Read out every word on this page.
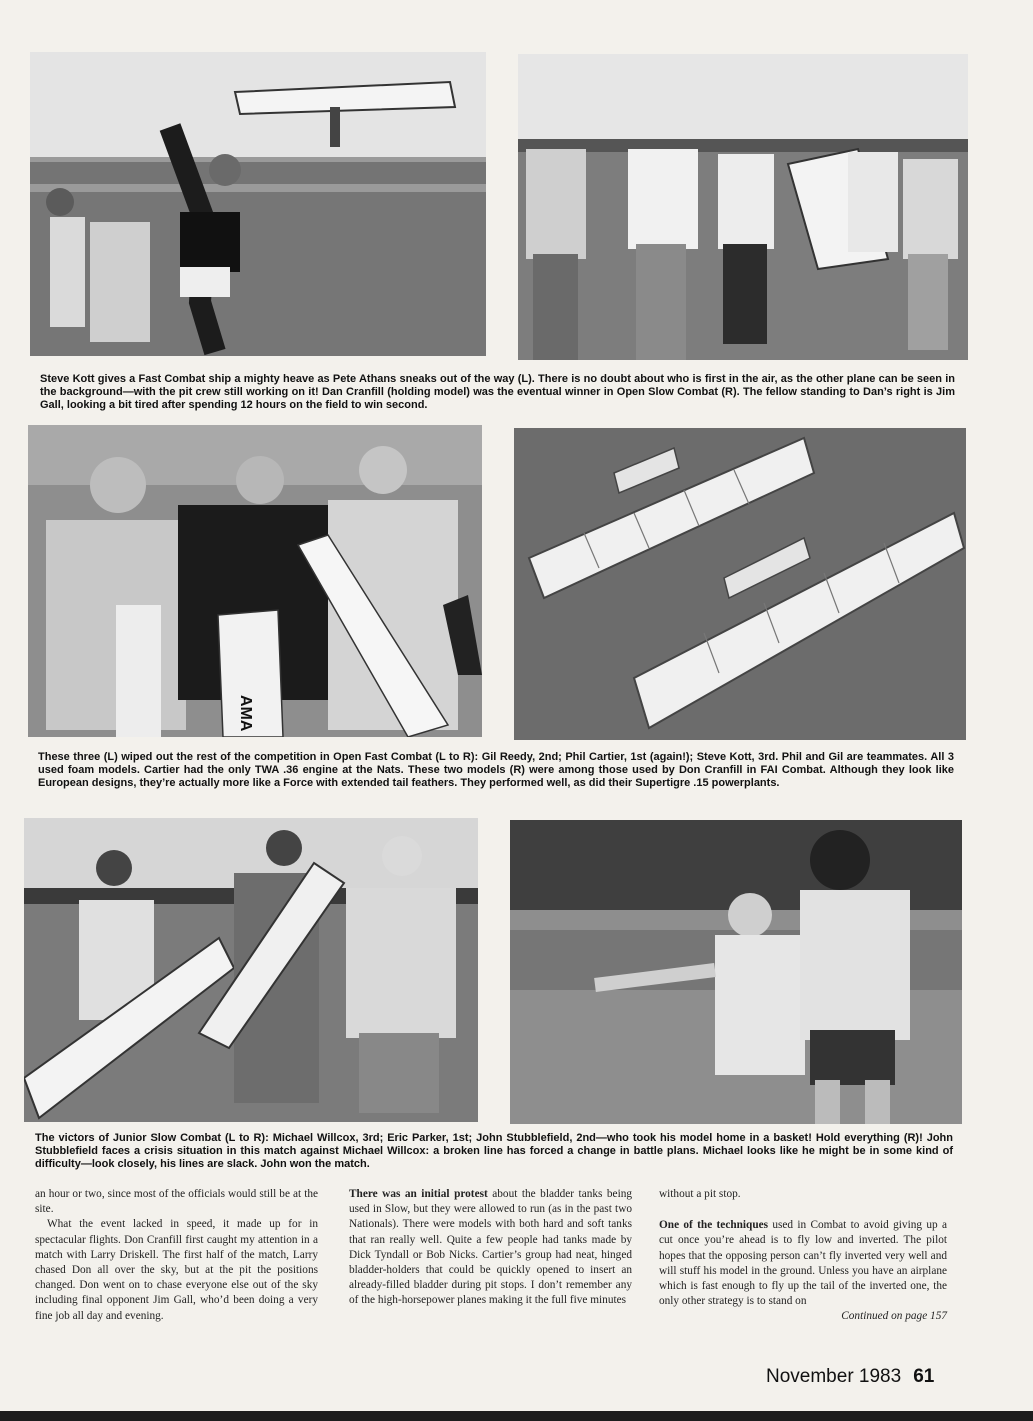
Steve Kott gives a Fast Combat ship a mighty heave as Pete Athans sneaks out of the way (L). There is no doubt about who is first in the air, as the other plane can be seen in the background—with the pit crew still working on it! Dan Cranfill (holding model) was the eventual winner in Open Slow Combat (R). The fellow standing to Dan’s right is Jim Gall, looking a bit tired after spending 12 hours on the field to win second.
AMA
These three (L) wiped out the rest of the competition in Open Fast Combat (L to R): Gil Reedy, 2nd; Phil Cartier, 1st (again!); Steve Kott, 3rd. Phil and Gil are teammates. All 3 used foam models. Cartier had the only TWA .36 engine at the Nats. These two models (R) were among those used by Don Cranfill in FAI Combat. Although they look like European designs, they’re actually more like a Force with extended tail feathers. They performed well, as did their Supertigre .15 powerplants.
The victors of Junior Slow Combat (L to R): Michael Willcox, 3rd; Eric Parker, 1st; John Stubblefield, 2nd—who took his model home in a basket! Hold everything (R)! John Stubblefield faces a crisis situation in this match against Michael Willcox: a broken line has forced a change in battle plans. Michael looks like he might be in some kind of difficulty—look closely, his lines are slack. John won the match.

an hour or two, since most of the officials would still be at the site.

What the event lacked in speed, it made up for in spectacular flights. Don Cranfill first caught my attention in a match with Larry Driskell. The first half of the match, Larry chased Don all over the sky, but at the pit the positions changed. Don went on to chase everyone else out of the sky including final opponent Jim Gall, who’d been doing a very fine job all day and evening.

There was an initial protest about the bladder tanks being used in Slow, but they were allowed to run (as in the past two Nationals). There were models with both hard and soft tanks that ran really well. Quite a few people had tanks made by Dick Tyndall or Bob Nicks. Cartier’s group had neat, hinged bladder-holders that could be quickly opened to insert an already-filled bladder during pit stops. I don’t remember any of the high-horsepower planes making it the full five minutes

without a pit stop.

One of the techniques used in Combat to avoid giving up a cut once you’re ahead is to fly low and inverted. The pilot hopes that the opposing person can’t fly inverted very well and will stuff his model in the ground. Unless you have an airplane which is fast enough to fly up the tail of the inverted one, the only other strategy is to stand on

Continued on page 157

November 1983 61
